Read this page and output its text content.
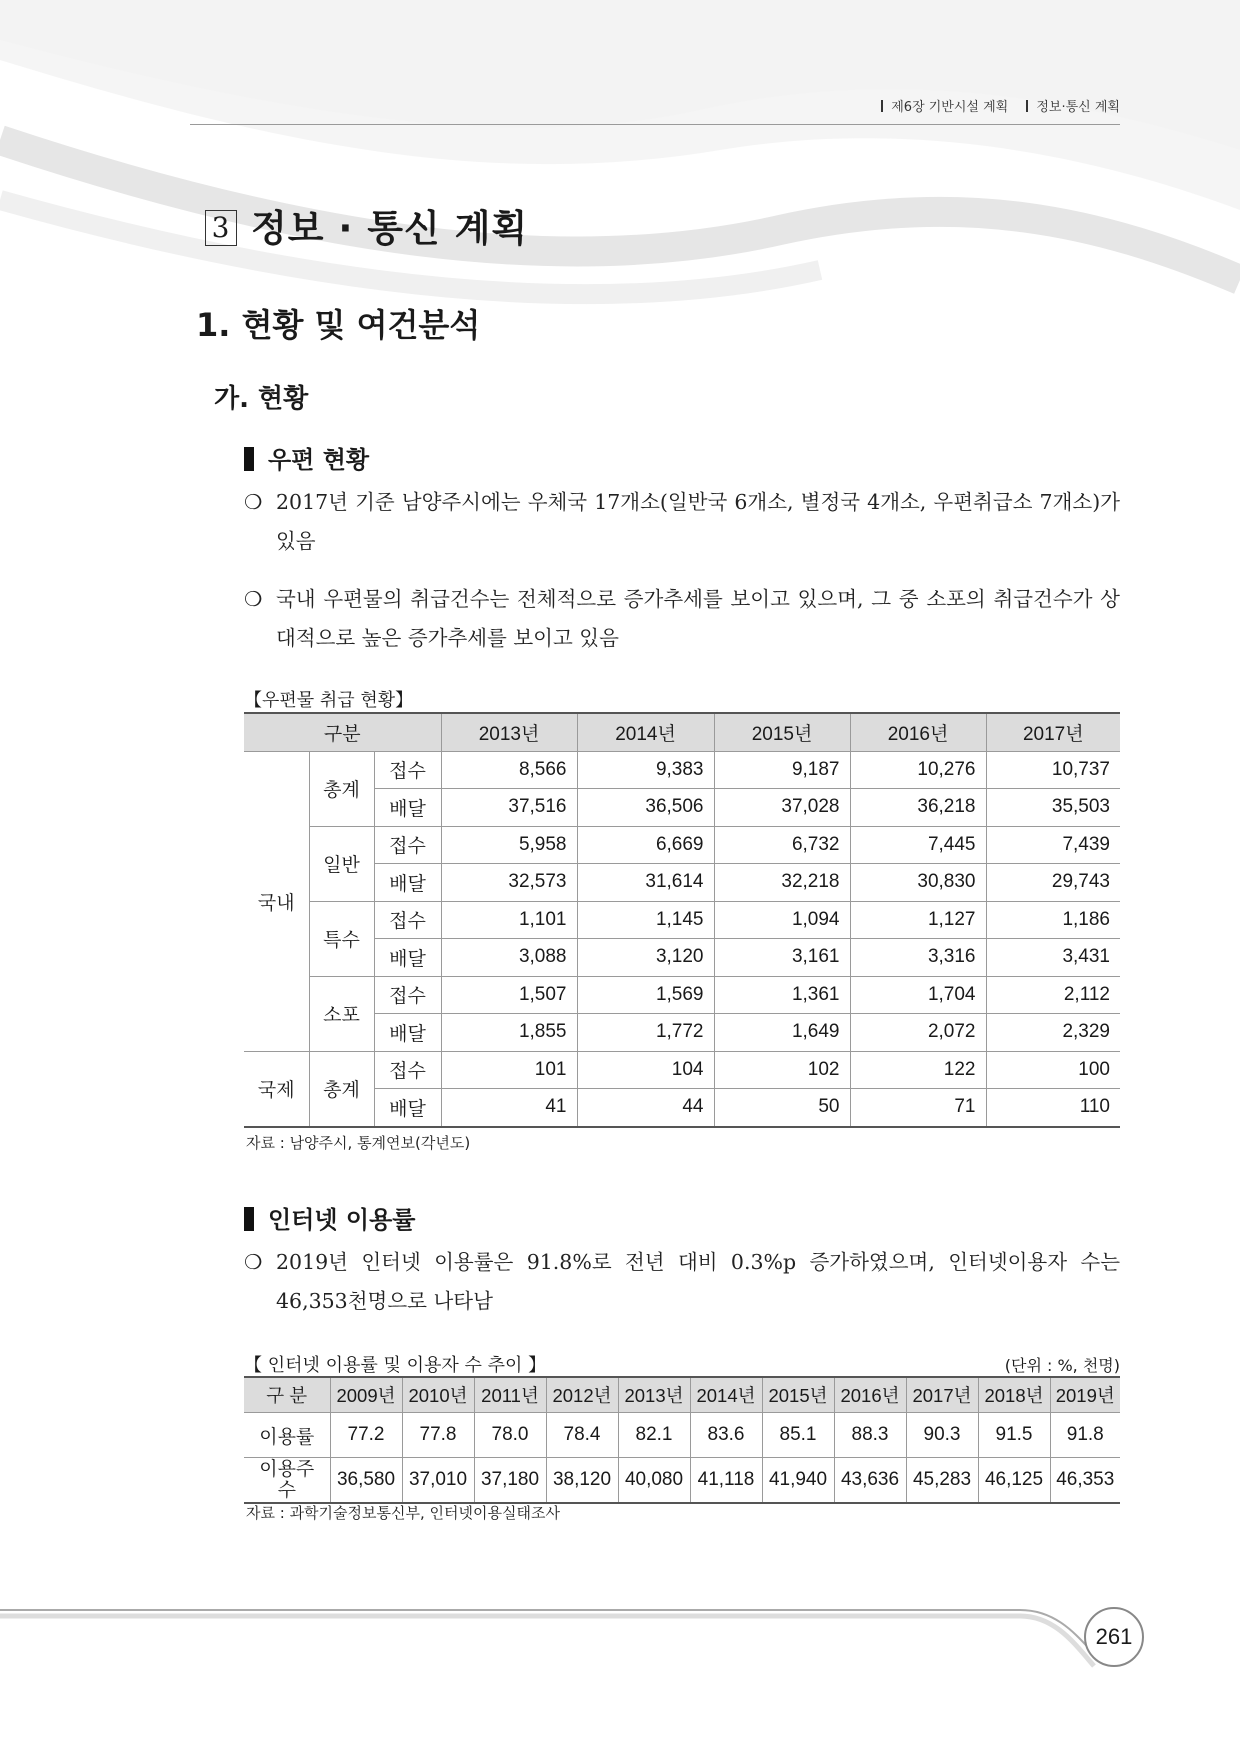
제6장 기반시설 계획 정보·통신 계획
3 정보 · 통신 계획
1. 현황 및 여건분석
가. 현황
우편 현황
❍ 2017년 기준 남양주시에는 우체국 17개소(일반국 6개소, 별정국 4개소, 우편취급소 7개소)가 있음
❍ 국내 우편물의 취급건수는 전체적으로 증가추세를 보이고 있으며, 그 중 소포의 취급건수가 상대적으로 높은 증가추세를 보이고 있음
【우편물 취급 현황】
구분			2013년	2014년	2015년	2016년	2017년
국내	총계	접수	8,566	9,383	9,187	10,276	10,737
		배달	37,516	36,506	37,028	36,218	35,503
	일반	접수	5,958	6,669	6,732	7,445	7,439
		배달	32,573	31,614	32,218	30,830	29,743
	특수	접수	1,101	1,145	1,094	1,127	1,186
		배달	3,088	3,120	3,161	3,316	3,431
	소포	접수	1,507	1,569	1,361	1,704	2,112
		배달	1,855	1,772	1,649	2,072	2,329
국제	총계	접수	101	104	102	122	100
		배달	41	44	50	71	110
자료 : 남양주시, 통계연보(각년도)
인터넷 이용률
❍ 2019년 인터넷 이용률은 91.8%로 전년 대비 0.3%p 증가하였으며, 인터넷이용자 수는 46,353천명으로 나타남
【 인터넷 이용률 및 이용자 수 추이 】	(단위 : %, 천명)
구 분	2009년	2010년	2011년	2012년	2013년	2014년	2015년	2016년	2017년	2018년	2019년
이용률	77.2	77.8	78.0	78.4	82.1	83.6	85.1	88.3	90.3	91.5	91.8
이용주수	36,580	37,010	37,180	38,120	40,080	41,118	41,940	43,636	45,283	46,125	46,353
자료 : 과학기술정보통신부, 인터넷이용실태조사
261
